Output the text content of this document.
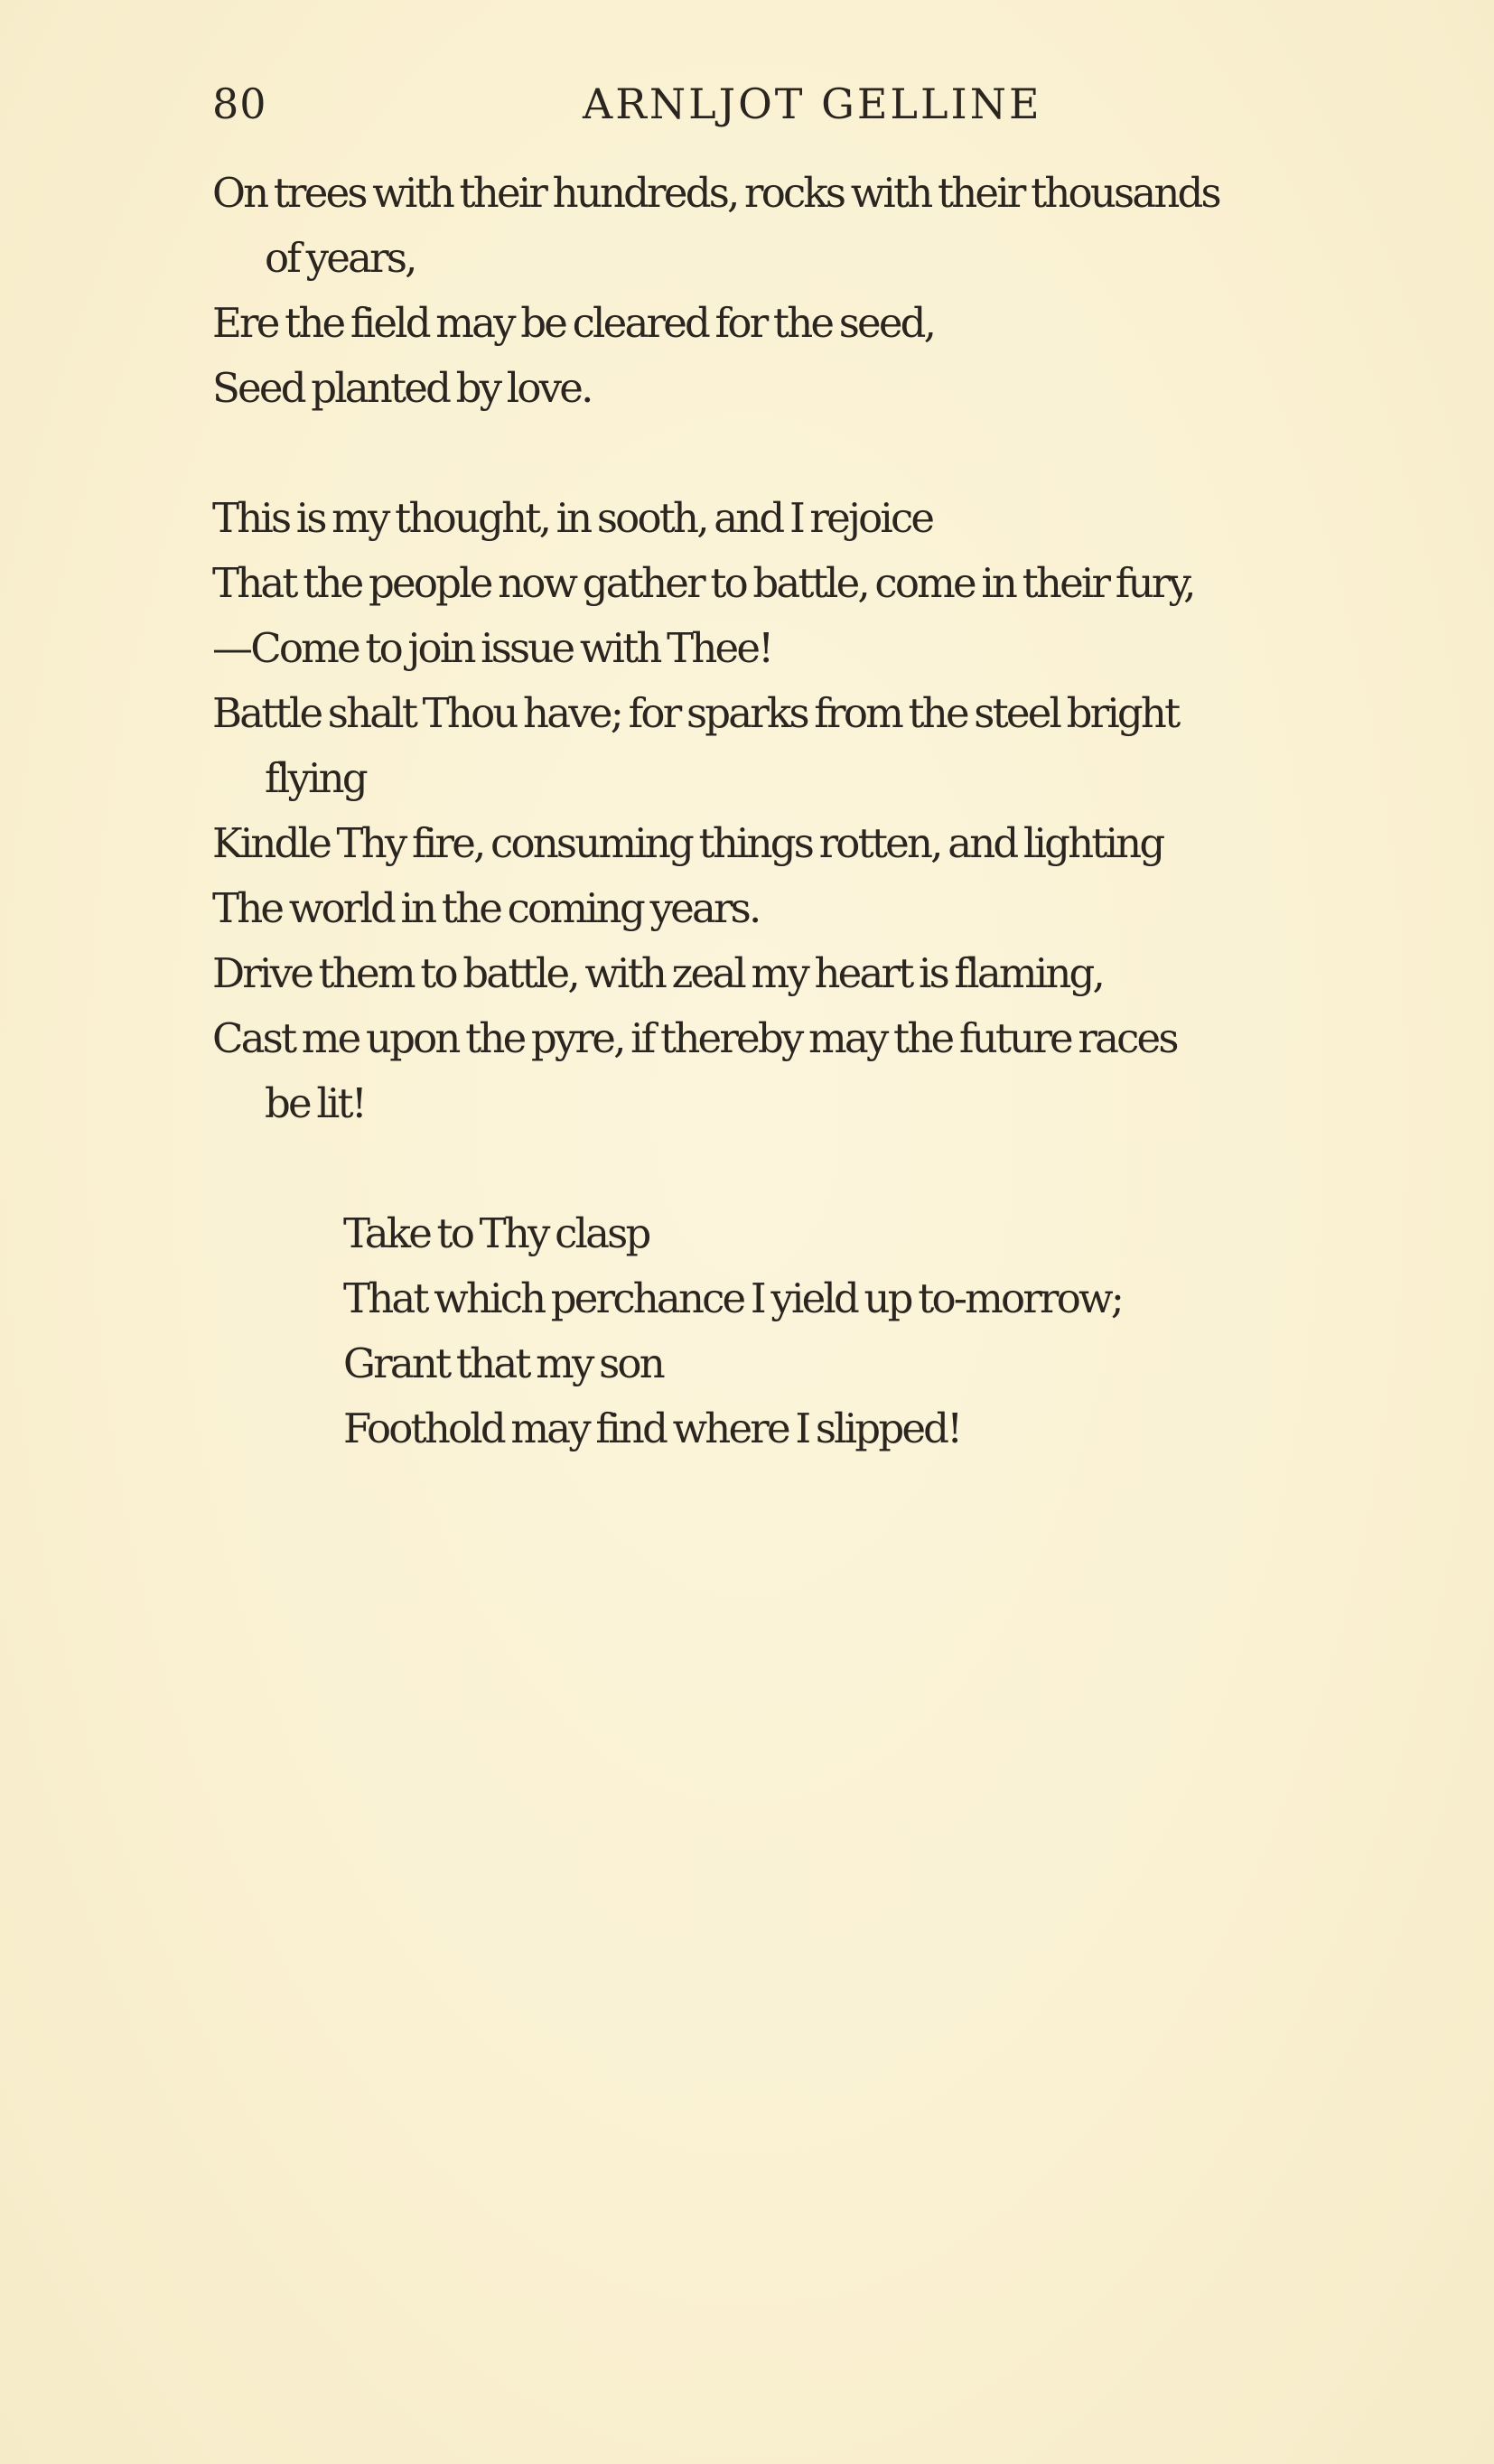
80	ARNLJOT GELLINE
On trees with their hundreds, rocks with their thousands
of years,
Ere the field may be cleared for the seed,
Seed planted by love.
This is my thought, in sooth, and I rejoice
That the people now gather to battle, come in their fury,
—Come to join issue with Thee!
Battle shalt Thou have; for sparks from the steel bright
flying
Kindle Thy fire, consuming things rotten, and lighting
The world in the coming years.
Drive them to battle, with zeal my heart is flaming,
Cast me upon the pyre, if thereby may the future races
be lit!
Take to Thy clasp
That which perchance I yield up to-morrow;
Grant that my son
Foothold may find where I slipped!
